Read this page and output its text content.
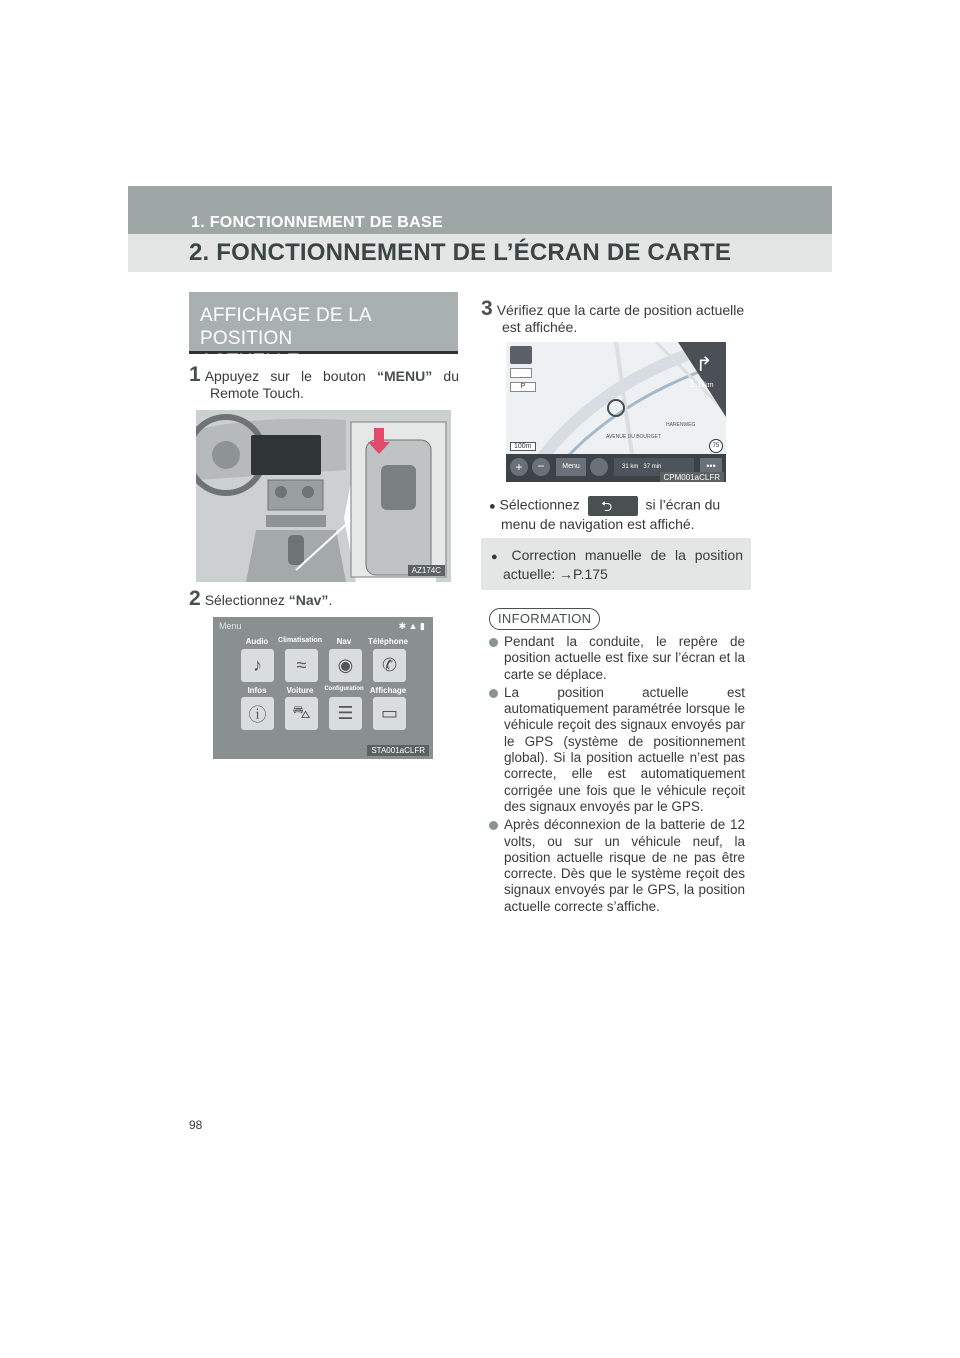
1. FONCTIONNEMENT DE BASE
2. FONCTIONNEMENT DE L’ÉCRAN DE CARTE
AFFICHAGE DE LA POSITION
ACTUELLE
1 Appuyez sur le bouton “MENU” du Remote Touch.
AZ174C
2 Sélectionnez “Nav”.
Menu	✱ ▲ ▮
Audio	Climatisation	Nav	Téléphone
♪	≈	◉	✆
Infos	Voiture	Configuration Affichage
ⓘ	⛍	☰	▭
STA001aCLFR
3 Vérifiez que la carte de position actuelle est affichée.
P
↱
1.0km
AVENUE DU BOURGET
HARENWEG
100m	75
+	−	Menu	31 km 37 min	•••
CPM001aCLFR
● Sélectionnez ⮌ si l’écran du menu de navigation est affiché.
● Correction manuelle de la position actuelle: →P.175
INFORMATION
Pendant la conduite, le repère de position actuelle est fixe sur l’écran et la carte se déplace.
La position actuelle est automatiquement paramétrée lorsque le véhicule reçoit des signaux envoyés par le GPS (système de positionnement global). Si la position actuelle n’est pas correcte, elle est automatiquement corrigée une fois que le véhicule reçoit des signaux envoyés par le GPS.
Après déconnexion de la batterie de 12 volts, ou sur un véhicule neuf, la position actuelle risque de ne pas être correcte. Dès que le système reçoit des signaux envoyés par le GPS, la position actuelle correcte s’affiche.
98
